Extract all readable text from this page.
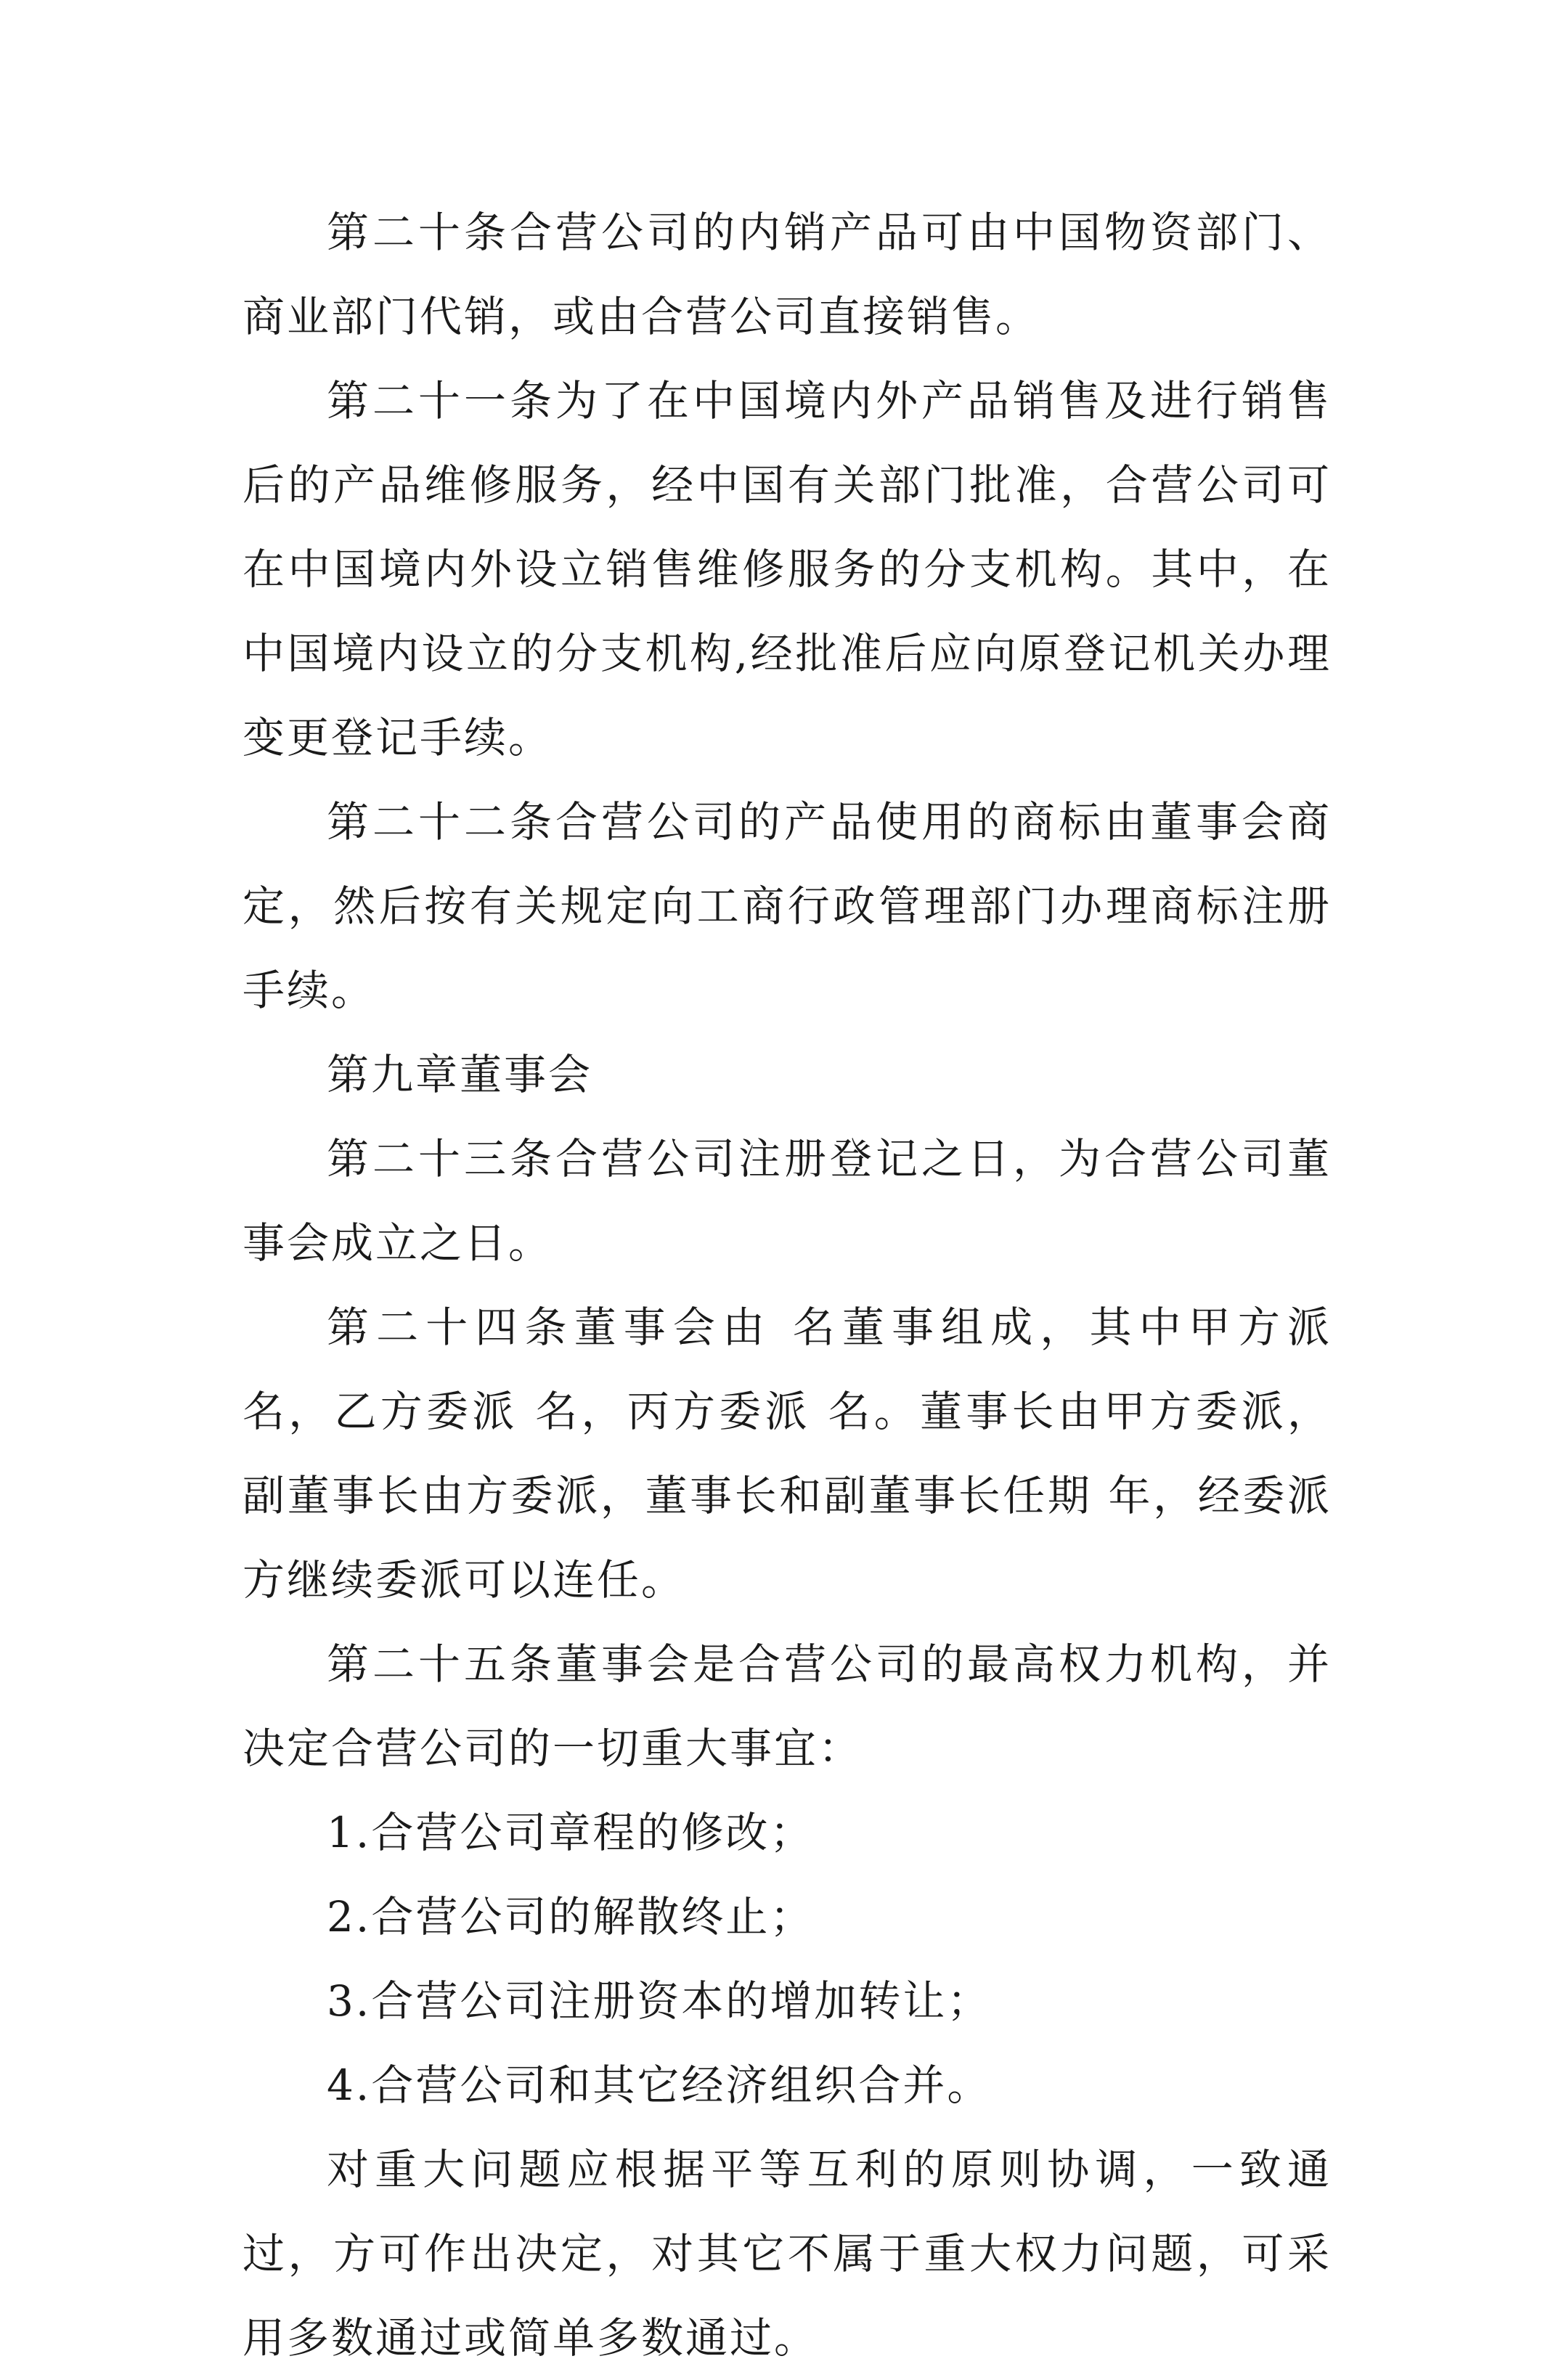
第二十条合营公司的内销产品可由中国物资部门、商业部门代销，或由合营公司直接销售。

第二十一条为了在中国境内外产品销售及进行销售后的产品维修服务，经中国有关部门批准，合营公司可在中国境内外设立销售维修服务的分支机构。其中，在中国境内设立的分支机构,经批准后应向原登记机关办理变更登记手续。

第二十二条合营公司的产品使用的商标由董事会商定，然后按有关规定向工商行政管理部门办理商标注册手续。

第九章董事会

第二十三条合营公司注册登记之日，为合营公司董事会成立之日。

第二十四条董事会由 名董事组成，其中甲方派 名，乙方委派 名，丙方委派 名。董事长由甲方委派，副董事长由方委派，董事长和副董事长任期 年，经委派方继续委派可以连任。

第二十五条董事会是合营公司的最高权力机构，并决定合营公司的一切重大事宜：

1.合营公司章程的修改；

2.合营公司的解散终止；

3.合营公司注册资本的增加转让；

4.合营公司和其它经济组织合并。

对重大问题应根据平等互利的原则协调，一致通过，方可作出决定，对其它不属于重大权力问题，可采用多数通过或简单多数通过。
